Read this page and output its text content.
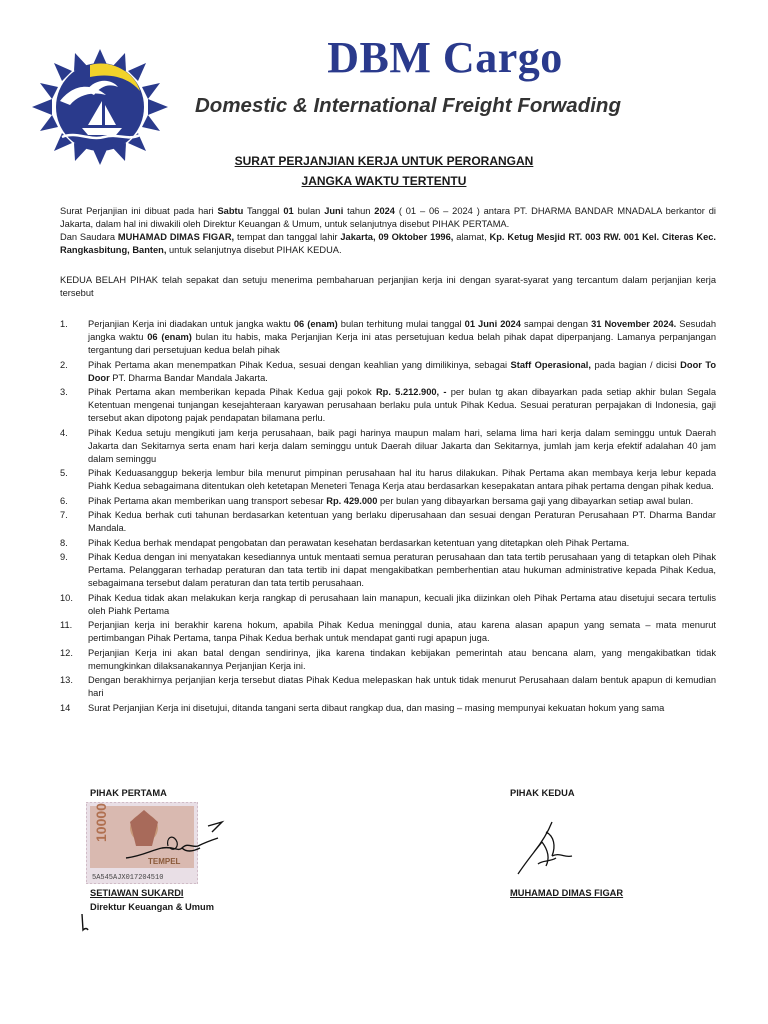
DBM Cargo
Domestic & International Freight Forwading
SURAT PERJANJIAN KERJA UNTUK PERORANGAN
JANGKA WAKTU TERTENTU

Surat Perjanjian ini dibuat pada hari Sabtu Tanggal 01 bulan Juni tahun 2024 ( 01 – 06 – 2024 ) antara PT. DHARMA BANDAR MNADALA berkantor di Jakarta, dalam hal ini diwakili oleh Direktur Keuangan & Umum, untuk selanjutnya disebut PIHAK PERTAMA.

Dan Saudara MUHAMAD DIMAS FIGAR, tempat dan tanggal lahir Jakarta, 09 Oktober 1996, alamat, Kp. Ketug Mesjid RT. 003 RW. 001 Kel. Citeras Kec. Rangkasbitung, Banten, untuk selanjutnya disebut PIHAK KEDUA.

KEDUA BELAH PIHAK telah sepakat dan setuju menerima pembaharuan perjanjian kerja ini dengan syarat-syarat yang tercantum dalam perjanjian kerja tersebut
1. Perjanjian Kerja ini diadakan untuk jangka waktu 06 (enam) bulan terhitung mulai tanggal 01 Juni 2024 sampai dengan 31 November 2024. Sesudah jangka waktu 06 (enam) bulan itu habis, maka Perjanjian Kerja ini atas persetujuan kedua belah pihak dapat diperpanjang. Lamanya perpanjangan tergantung dari persetujuan kedua belah pihak
2. Pihak Pertama akan menempatkan Pihak Kedua, sesuai dengan keahlian yang dimilikinya, sebagai Staff Operasional, pada bagian / dicisi Door To Door PT. Dharma Bandar Mandala Jakarta.
3. Pihak Pertama akan memberikan kepada Pihak Kedua gaji pokok Rp. 5.212.900, - per bulan tg akan dibayarkan pada setiap akhir bulan Segala Ketentuan mengenai tunjangan kesejahteraan karyawan perusahaan berlaku pula untuk Pihak Kedua. Sesuai peraturan perpajakan di Indonesia, gaji tersebut akan dipotong pajak pendapatan bilamana perlu.
4. Pihak Kedua setuju mengikuti jam kerja perusahaan, baik pagi harinya maupun malam hari, selama lima hari kerja dalam seminggu untuk Daerah Jakarta dan Sekitarnya serta enam hari kerja dalam seminggu untuk Daerah diluar Jakarta dan Sekitarnya, jumlah jam kerja efektif adalahan 40 jam dalam seminggu
5. Pihak Keduasanggup bekerja lembur bila menurut pimpinan perusahaan hal itu harus dilakukan. Pihak Pertama akan membaya kerja lebur kepada Piahk Kedua sebagaimana ditentukan oleh ketetapan Meneteri Tenaga Kerja atau berdasarkan kesepakatan antara pihak pertama dengan pihak kedua.
6. Pihak Pertama akan memberikan uang transport sebesar Rp. 429.000 per bulan yang dibayarkan bersama gaji yang dibayarkan setiap awal bulan.
7. Pihak Kedua berhak cuti tahunan berdasarkan ketentuan yang berlaku diperusahaan dan sesuai dengan Peraturan Perusahaan PT. Dharma Bandar Mandala.
8. Pihak Kedua berhak mendapat pengobatan dan perawatan kesehatan berdasarkan ketentuan yang ditetapkan oleh Pihak Pertama.
9. Pihak Kedua dengan ini menyatakan kesediannya untuk mentaati semua peraturan perusahaan dan tata tertib perusahaan yang di tetapkan oleh Pihak Pertama. Pelanggaran terhadap peraturan dan tata tertib ini dapat mengakibatkan pemberhentian atau hukuman administrative kepada Pihak Kedua, sebagaimana tersebut dalam peraturan dan tata tertib perusahaan.
10. Pihak Kedua tidak akan melakukan kerja rangkap di perusahaan lain manapun, kecuali jika diizinkan oleh Pihak Pertama atau disetujui secara tertulis oleh Piahk Pertama
11. Perjanjian kerja ini berakhir karena hokum, apabila Pihak Kedua meninggal dunia, atau karena alasan apapun yang semata – mata menurut pertimbangan Pihak Pertama, tanpa Pihak Kedua berhak untuk mendapat ganti rugi apapun juga.
12. Perjanjian Kerja ini akan batal dengan sendirinya, jika karena tindakan kebijakan pemerintah atau bencana alam, yang mengakibatkan tidak memungkinkan dilaksanakannya Perjanjian Kerja ini.
13. Dengan berakhirnya perjanjian kerja tersebut diatas Pihak Kedua melepaskan hak untuk tidak menurut Perusahaan dalam bentuk apapun di kemudian hari
14 Surat Perjanjian Kerja ini disetujui, ditanda tangani serta dibaut rangkap dua, dan masing – masing mempunyai kekuatan hokum yang sama
PIHAK PERTAMA	PIHAK KEDUA
10000
TEMPEL
5A545AJX017204510
SETIAWAN SUKARDI
Direktur Keuangan & Umum
MUHAMAD DIMAS FIGAR
